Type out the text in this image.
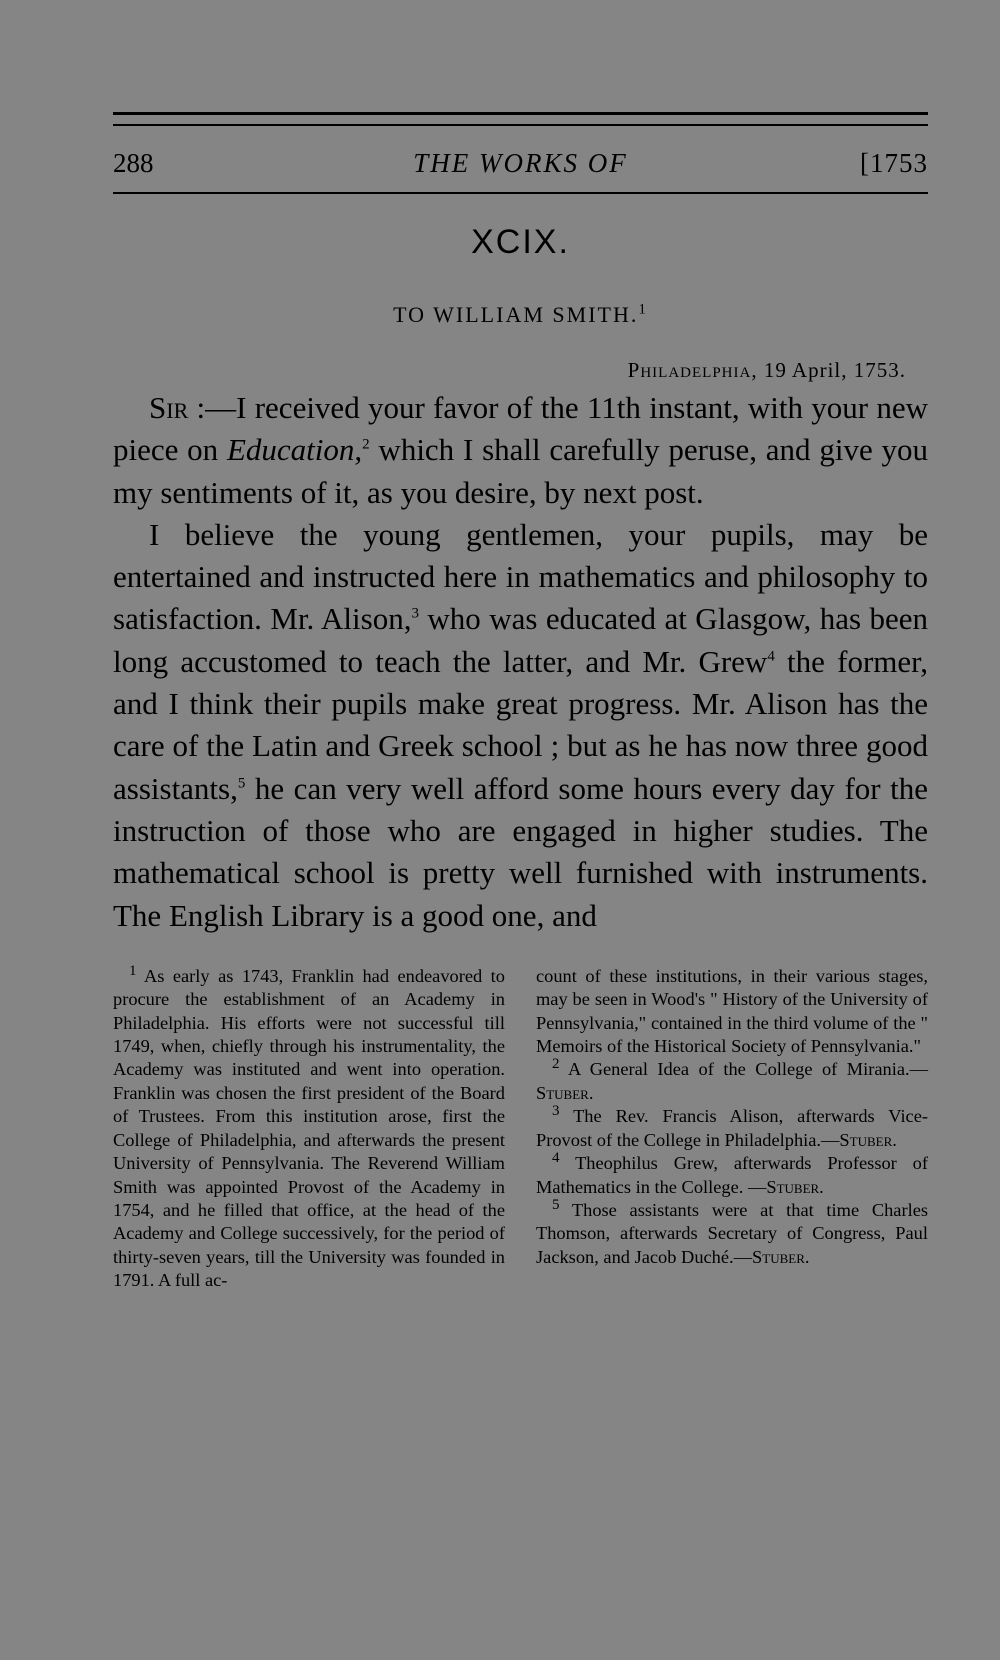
288	THE WORKS OF	[1753
XCIX.
TO WILLIAM SMITH.$^1$
Philadelphia, 19 April, 1753.

Sir :—I received your favor of the 11th instant, with your new piece on Education,$^2$ which I shall carefully peruse, and give you my sentiments of it, as you desire, by next post.

I believe the young gentlemen, your pupils, may be entertained and instructed here in mathematics and philosophy to satisfaction. Mr. Alison,$^3$ who was educated at Glasgow, has been long accustomed to teach the latter, and Mr. Grew$^4$ the former, and I think their pupils make great progress. Mr. Alison has the care of the Latin and Greek school ; but as he has now three good assistants,$^5$ he can very well afford some hours every day for the instruction of those who are engaged in higher studies. The mathematical school is pretty well furnished with instruments. The English Library is a good one, and

$^1$ As early as 1743, Franklin had endeavored to procure the establishment of an Academy in Philadelphia. His efforts were not successful till 1749, when, chiefly through his instrumentality, the Academy was instituted and went into operation. Franklin was chosen the first president of the Board of Trustees. From this institution arose, first the College of Philadelphia, and afterwards the present University of Pennsylvania. The Reverend William Smith was appointed Provost of the Academy in 1754, and he filled that office, at the head of the Academy and College successively, for the period of thirty-seven years, till the University was founded in 1791. A full ac-

count of these institutions, in their various stages, may be seen in Wood's " History of the University of Pennsylvania," contained in the third volume of the " Memoirs of the Historical Society of Pennsylvania."

$^2$ A General Idea of the College of Mirania.—Stuber.

$^3$ The Rev. Francis Alison, afterwards Vice-Provost of the College in Philadelphia.—Stuber.

$^4$ Theophilus Grew, afterwards Professor of Mathematics in the College. —Stuber.

$^5$ Those assistants were at that time Charles Thomson, afterwards Secretary of Congress, Paul Jackson, and Jacob Duché.—Stuber.
